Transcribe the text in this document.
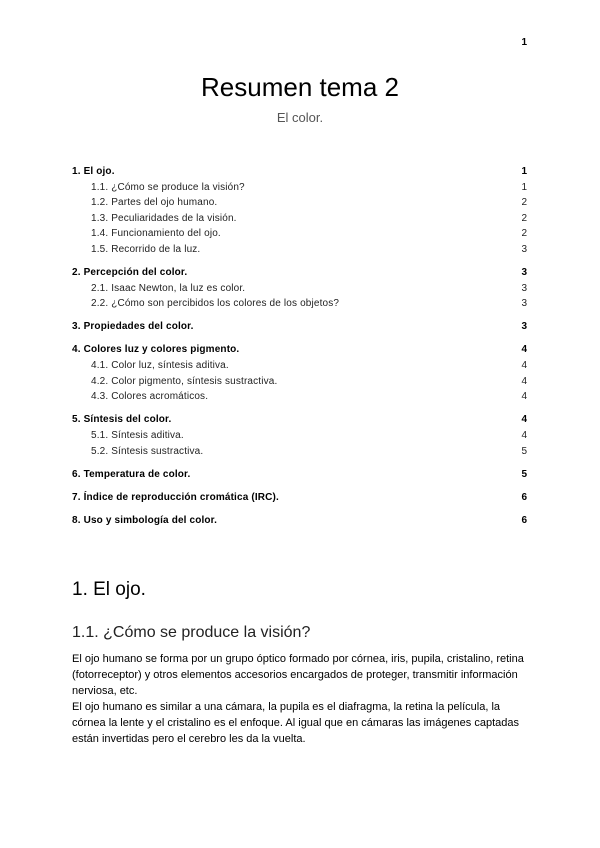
1
Resumen tema 2
El color.
1. El ojo.	1
1.1. ¿Cómo se produce la visión?	1
1.2. Partes del ojo humano.	2
1.3. Peculiaridades de la visión.	2
1.4. Funcionamiento del ojo.	2
1.5. Recorrido de la luz.	3
2. Percepción del color.	3
2.1. Isaac Newton, la luz es color.	3
2.2. ¿Cómo son percibidos los colores de los objetos?	3
3. Propiedades del color.	3
4. Colores luz y colores pigmento.	4
4.1. Color luz, síntesis aditiva.	4
4.2. Color pigmento, síntesis sustractiva.	4
4.3. Colores acromáticos.	4
5. Síntesis del color.	4
5.1. Síntesis aditiva.	4
5.2. Síntesis sustractiva.	5
6. Temperatura de color.	5
7. Índice de reproducción cromática (IRC).	6
8. Uso y simbología del color.	6
1. El ojo.
1.1. ¿Cómo se produce la visión?

El ojo humano se forma por un grupo óptico formado por córnea, iris, pupila, cristalino, retina (fotorreceptor) y otros elementos accesorios encargados de proteger, transmitir información nerviosa, etc.

El ojo humano es similar a una cámara, la pupila es el diafragma, la retina la película, la córnea la lente y el cristalino es el enfoque. Al igual que en cámaras las imágenes captadas están invertidas pero el cerebro les da la vuelta.
